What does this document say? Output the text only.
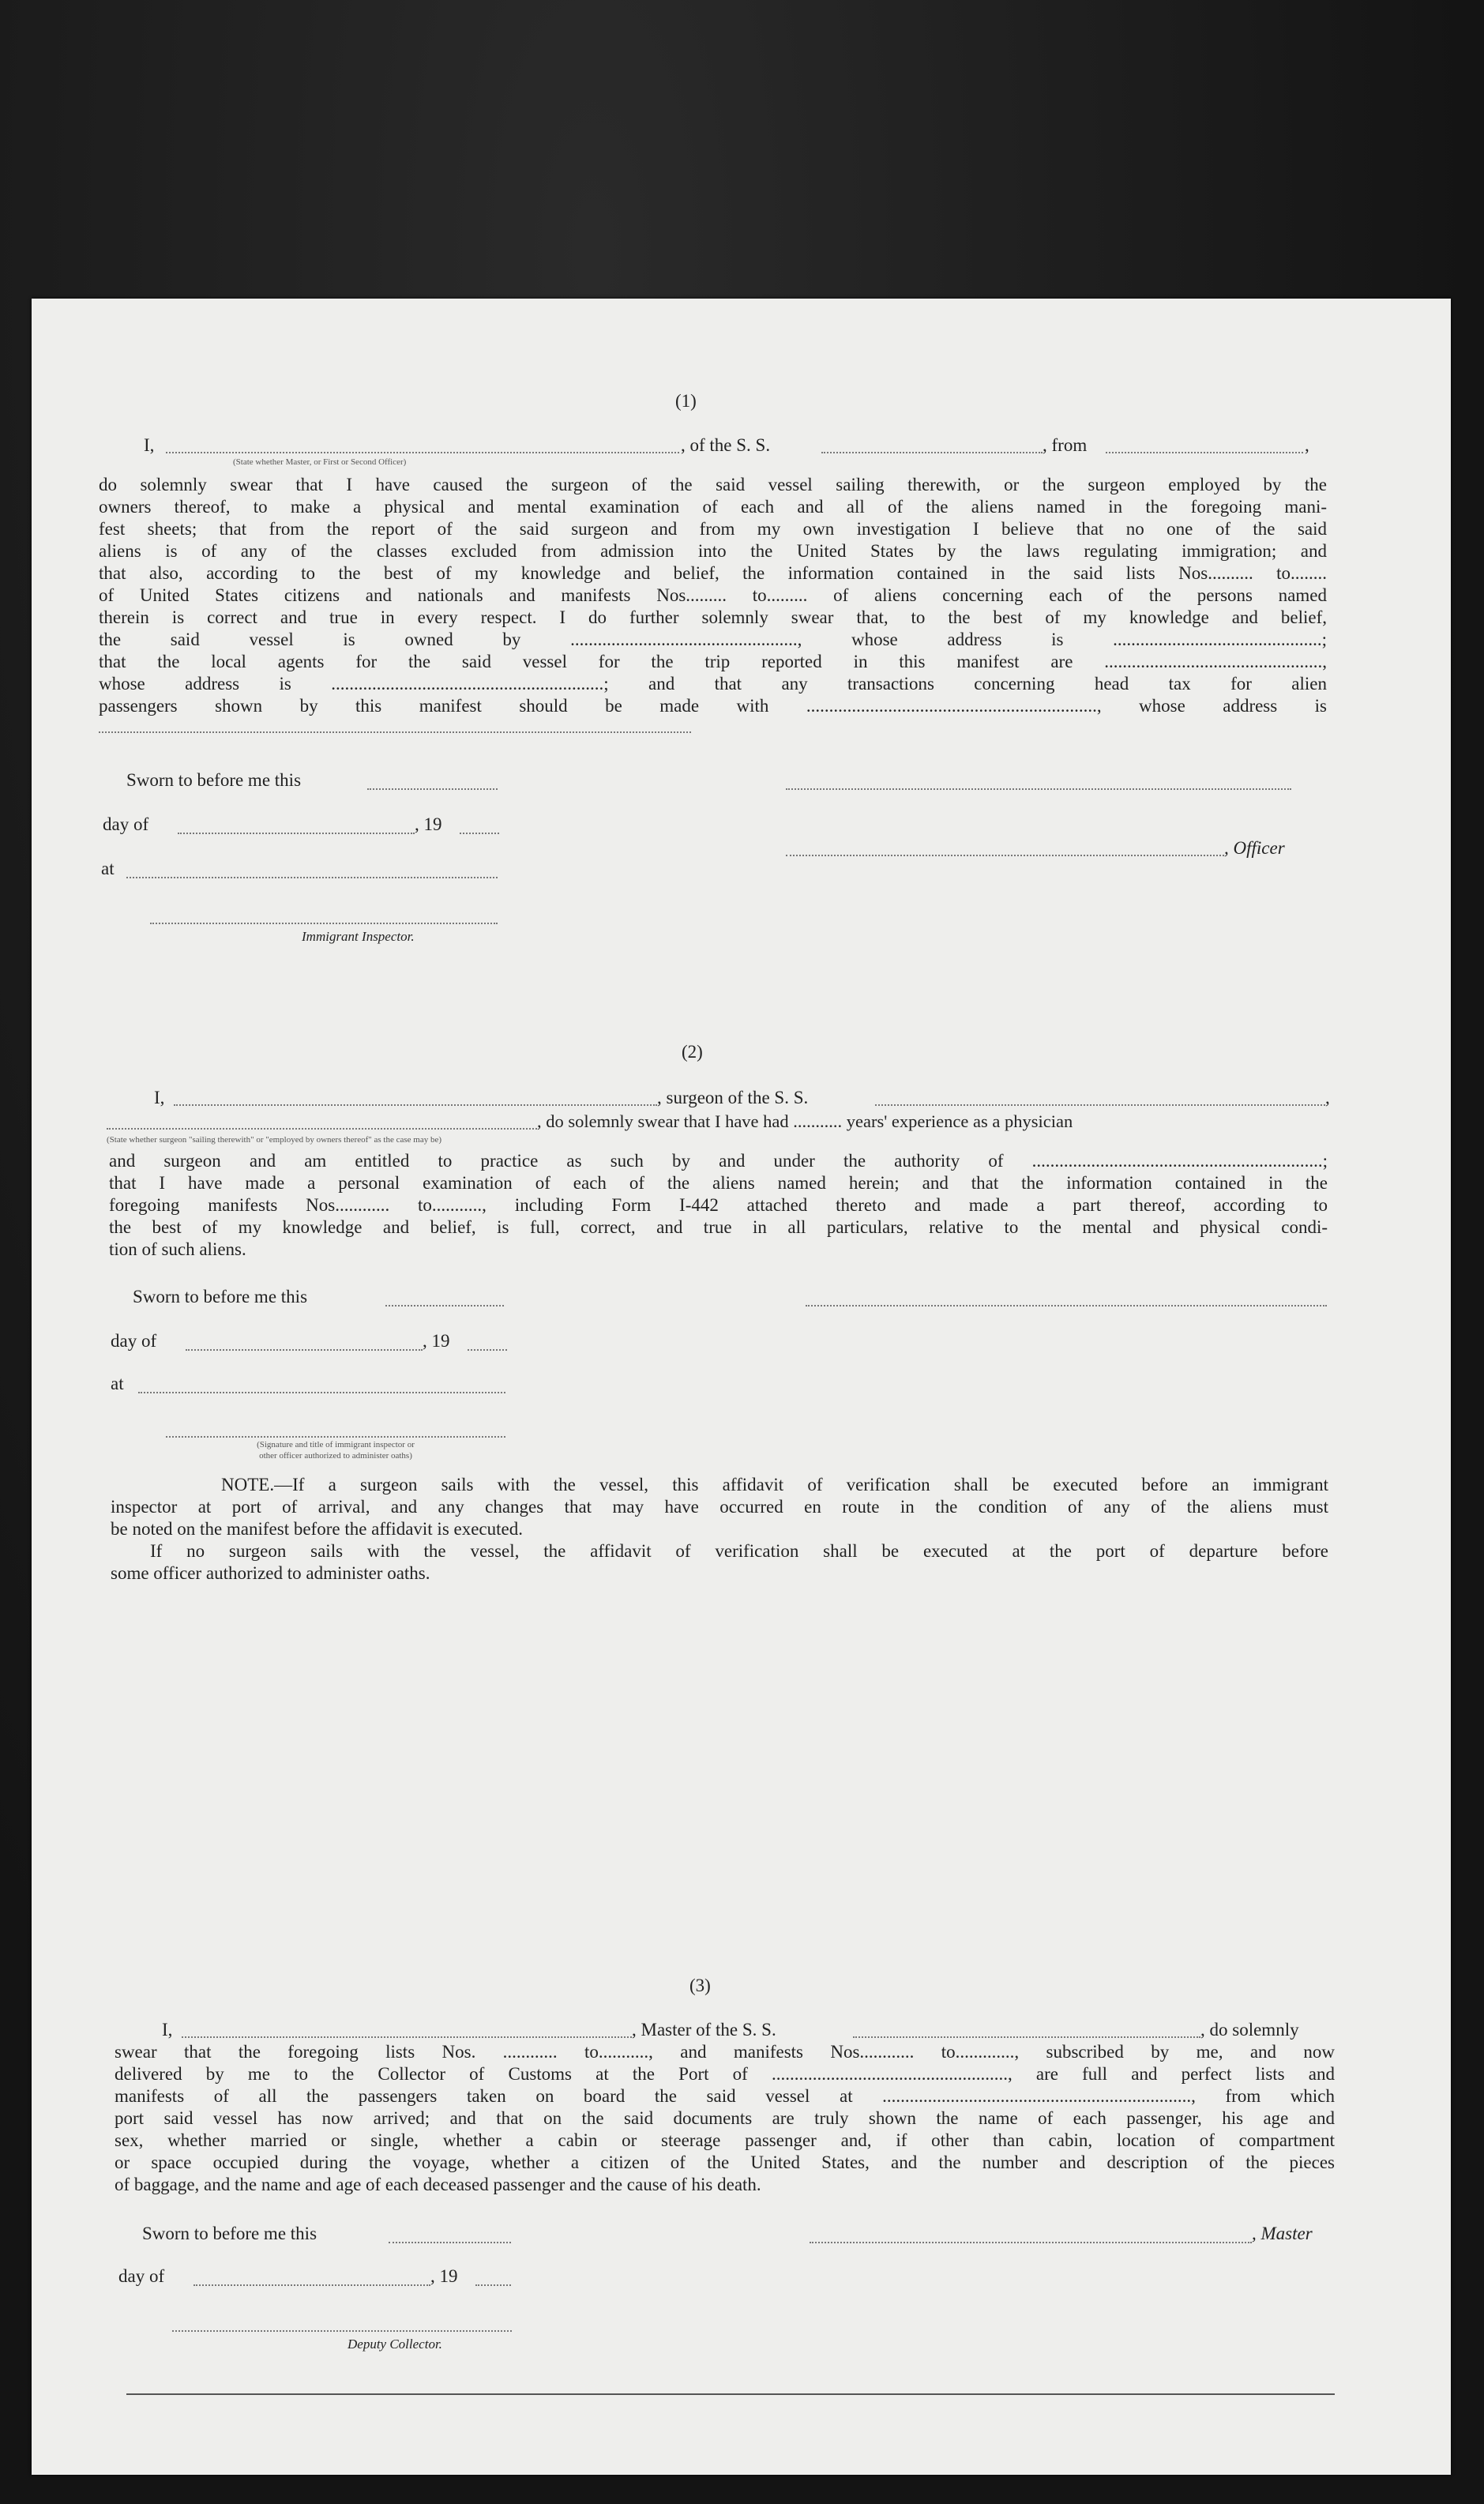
(1)
I,	, of the S. S.	, from	,
(State whether Master, or First or Second Officer)
do solemnly swear that I have caused the surgeon of the said vessel sailing therewith, or the surgeon employed by the
owners thereof, to make a physical and mental examination of each and all of the aliens named in the foregoing mani-
fest sheets; that from the report of the said surgeon and from my own investigation I believe that no one of the said
aliens is of any of the classes excluded from admission into the United States by the laws regulating immigration; and
that also, according to the best of my knowledge and belief, the information contained in the said lists Nos.......... to........
of United States citizens and nationals and manifests Nos......... to......... of aliens concerning each of the persons named
therein is correct and true in every respect. I do further solemnly swear that, to the best of my knowledge and belief,
the said vessel is owned by .................................................., whose address is ..............................................;
that the local agents for the said vessel for the trip reported in this manifest are ................................................,
whose address is ............................................................; and that any transactions concerning head tax for alien
passengers shown by this manifest should be made with ................................................................, whose address is
Sworn to before me this
day of	, 19
, Officer
at
Immigrant Inspector.
(2)
I,	, surgeon of the S. S.	,
, do solemnly swear that I have had ........... years' experience as a physician
(State whether surgeon "sailing therewith" or "employed by owners thereof" as the case may be)
and surgeon and am entitled to practice as such by and under the authority of ................................................................;
that I have made a personal examination of each of the aliens named herein; and that the information contained in the
foregoing manifests Nos............ to..........., including Form I-442 attached thereto and made a part thereof, according to
the best of my knowledge and belief, is full, correct, and true in all particulars, relative to the mental and physical condi-
tion of such aliens.
Sworn to before me this
day of	, 19
at
(Signature and title of immigrant inspector or
other officer authorized to administer oaths)
NOTE.—If a surgeon sails with the vessel, this affidavit of verification shall be executed before an immigrant
inspector at port of arrival, and any changes that may have occurred en route in the condition of any of the aliens must
be noted on the manifest before the affidavit is executed.
If no surgeon sails with the vessel, the affidavit of verification shall be executed at the port of departure before
some officer authorized to administer oaths.
(3)
I,	, Master of the S. S.	, do solemnly
swear that the foregoing lists Nos. ............ to..........., and manifests Nos............ to............., subscribed by me, and now
delivered by me to the Collector of Customs at the Port of ...................................................., are full and perfect lists and
manifests of all the passengers taken on board the said vessel at ...................................................................., from which
port said vessel has now arrived; and that on the said documents are truly shown the name of each passenger, his age and
sex, whether married or single, whether a cabin or steerage passenger and, if other than cabin, location of compartment
or space occupied during the voyage, whether a citizen of the United States, and the number and description of the pieces
of baggage, and the name and age of each deceased passenger and the cause of his death.
Sworn to before me this	, Master
day of	, 19
Deputy Collector.
